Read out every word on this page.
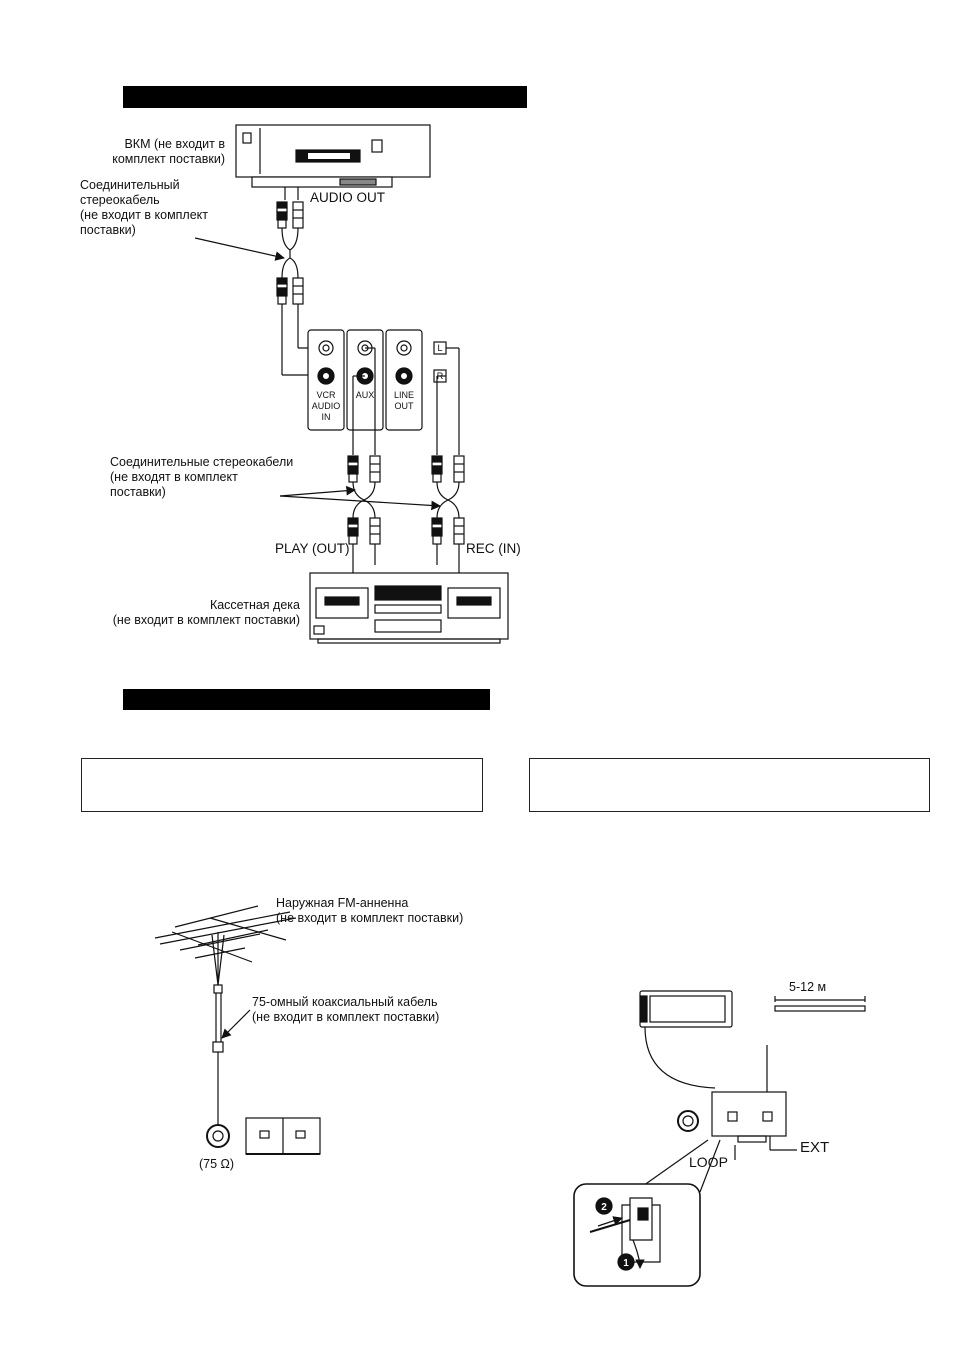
ВКМ (не входит в
комплект поставки)
AUDIO OUT
Соединительный
стереокабель
(не входит в комплект
поставки)
Соединительные стереокабели
(не входят в комплект
поставки)
PLAY (OUT)	REC (IN)
Кассетная дека
(не входит в комплект поставки)
Наружная FM-анненна
(не входит в комплект поставки)
75-омный коаксиальный кабель
(не входит в комплект поставки)
(75 Ω)
5-12 м
LOOP
EXT
VCR
AUDIO
IN
AUX LINE
OUT
L
R
2
1
